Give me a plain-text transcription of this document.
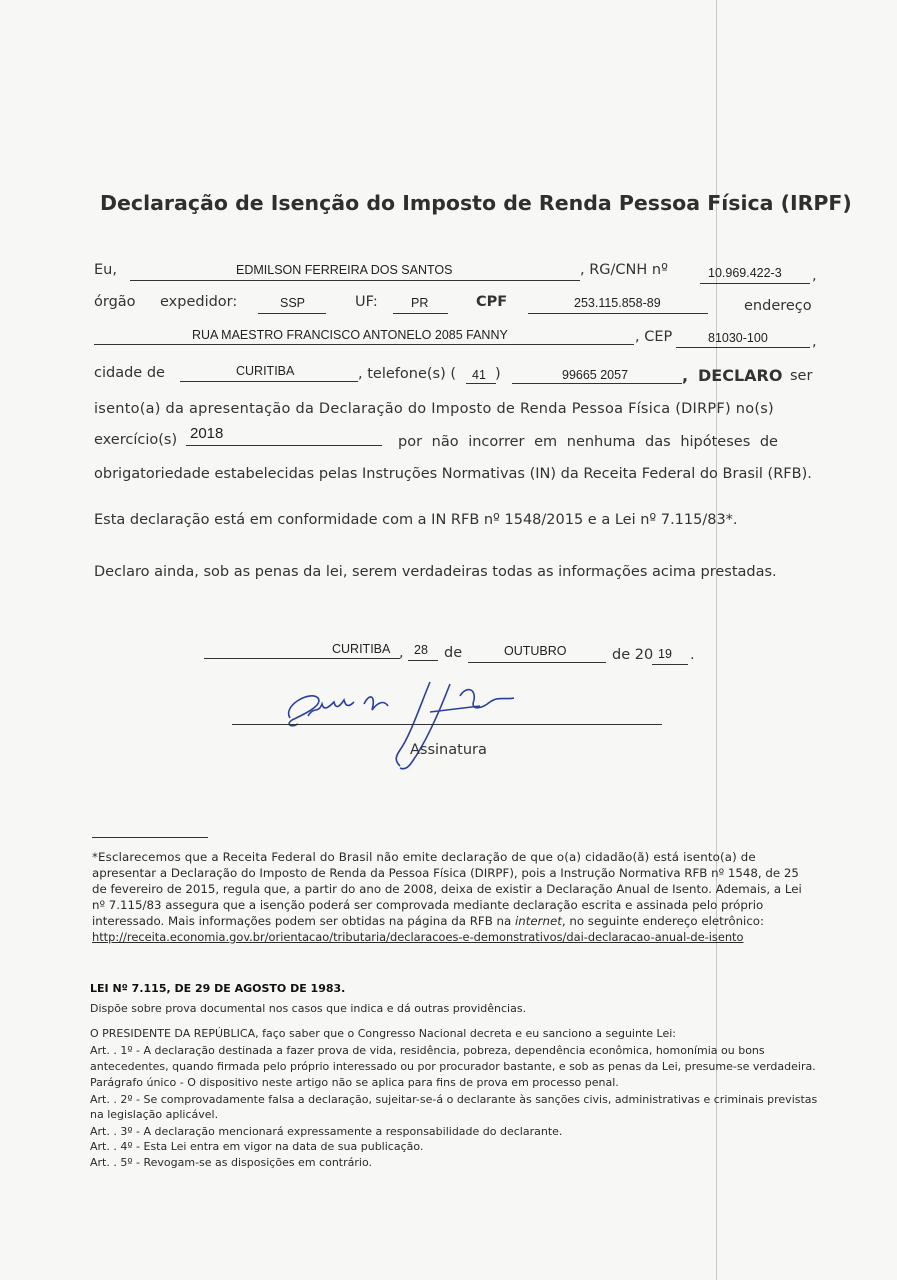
Declaração de Isenção do Imposto de Renda Pessoa Física (IRPF)
Eu,	EDMILSON FERREIRA DOS SANTOS	, RG/CNH nº	10.969.422-3 ,
órgão expedidor:	SSP	UF:	PR	CPF	253.115.858-89	endereço
RUA MAESTRO FRANCISCO ANTONELO 2085 FANNY	, CEP	81030-100	,
cidade de	CURITIBA	, telefone(s) ( 41 )	99665 2057	, DECLARO ser
isento(a) da apresentação da Declaração do Imposto de Renda Pessoa Física (DIRPF) no(s)
exercício(s) 2018	por não incorrer em nenhuma das hipóteses de
obrigatoriedade estabelecidas pelas Instruções Normativas (IN) da Receita Federal do Brasil (RFB).
Esta declaração está em conformidade com a IN RFB nº 1548/2015 e a Lei nº 7.115/83*.
Declaro ainda, sob as penas da lei, serem verdadeiras todas as informações acima prestadas.
CURITIBA , 28 de	OUTUBRO	de 20 19 .
Assinatura
*Esclarecemos que a Receita Federal do Brasil não emite declaração de que o(a) cidadão(ã) está isento(a) de
apresentar a Declaração do Imposto de Renda da Pessoa Física (DIRPF), pois a Instrução Normativa RFB nº 1548, de 25
de fevereiro de 2015, regula que, a partir do ano de 2008, deixa de existir a Declaração Anual de Isento. Ademais, a Lei
nº 7.115/83 assegura que a isenção poderá ser comprovada mediante declaração escrita e assinada pelo próprio
interessado. Mais informações podem ser obtidas na página da RFB na internet, no seguinte endereço eletrônico:
http://receita.economia.gov.br/orientacao/tributaria/declaracoes-e-demonstrativos/dai-declaracao-anual-de-isento
LEI Nº 7.115, DE 29 DE AGOSTO DE 1983.
Dispõe sobre prova documental nos casos que indica e dá outras providências.
O PRESIDENTE DA REPÚBLICA, faço saber que o Congresso Nacional decreta e eu sanciono a seguinte Lei:
Art. . 1º - A declaração destinada a fazer prova de vida, residência, pobreza, dependência econômica, homonímia ou bons
antecedentes, quando firmada pelo próprio interessado ou por procurador bastante, e sob as penas da Lei, presume-se verdadeira.
Parágrafo único - O dispositivo neste artigo não se aplica para fins de prova em processo penal.
Art. . 2º - Se comprovadamente falsa a declaração, sujeitar-se-á o declarante às sanções civis, administrativas e criminais previstas
na legislação aplicável.
Art. . 3º - A declaração mencionará expressamente a responsabilidade do declarante.
Art. . 4º - Esta Lei entra em vigor na data de sua publicação.
Art. . 5º - Revogam-se as disposições em contrário.
